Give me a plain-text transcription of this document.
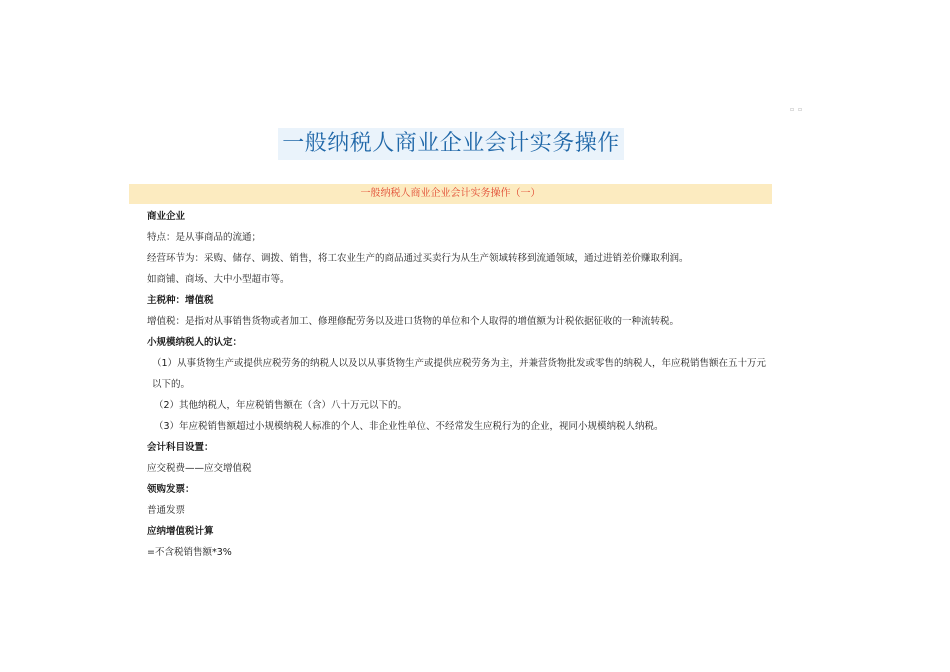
▫ ▫
一般纳税人商业企业会计实务操作
一般纳税人商业企业会计实务操作（一）

商业企业

特点：是从事商品的流通；

经营环节为：采购、储存、调拨、销售，将工农业生产的商品通过买卖行为从生产领域转移到流通领域，通过进销差价赚取利润。

如商铺、商场、大中小型超市等。

主税种：增值税

增值税：是指对从事销售货物或者加工、修理修配劳务以及进口货物的单位和个人取得的增值额为计税依据征收的一种流转税。

小规模纳税人的认定：

（1）从事货物生产或提供应税劳务的纳税人以及以从事货物生产或提供应税劳务为主，并兼营货物批发或零售的纳税人，年应税销售额在五十万元以下的。

（2）其他纳税人，年应税销售额在（含）八十万元以下的。

（3）年应税销售额超过小规模纳税人标准的个人、非企业性单位、不经常发生应税行为的企业，视同小规模纳税人纳税。

会计科目设置：

应交税费——应交增值税

领购发票：

普通发票

应纳增值税计算

=不含税销售额*3%
